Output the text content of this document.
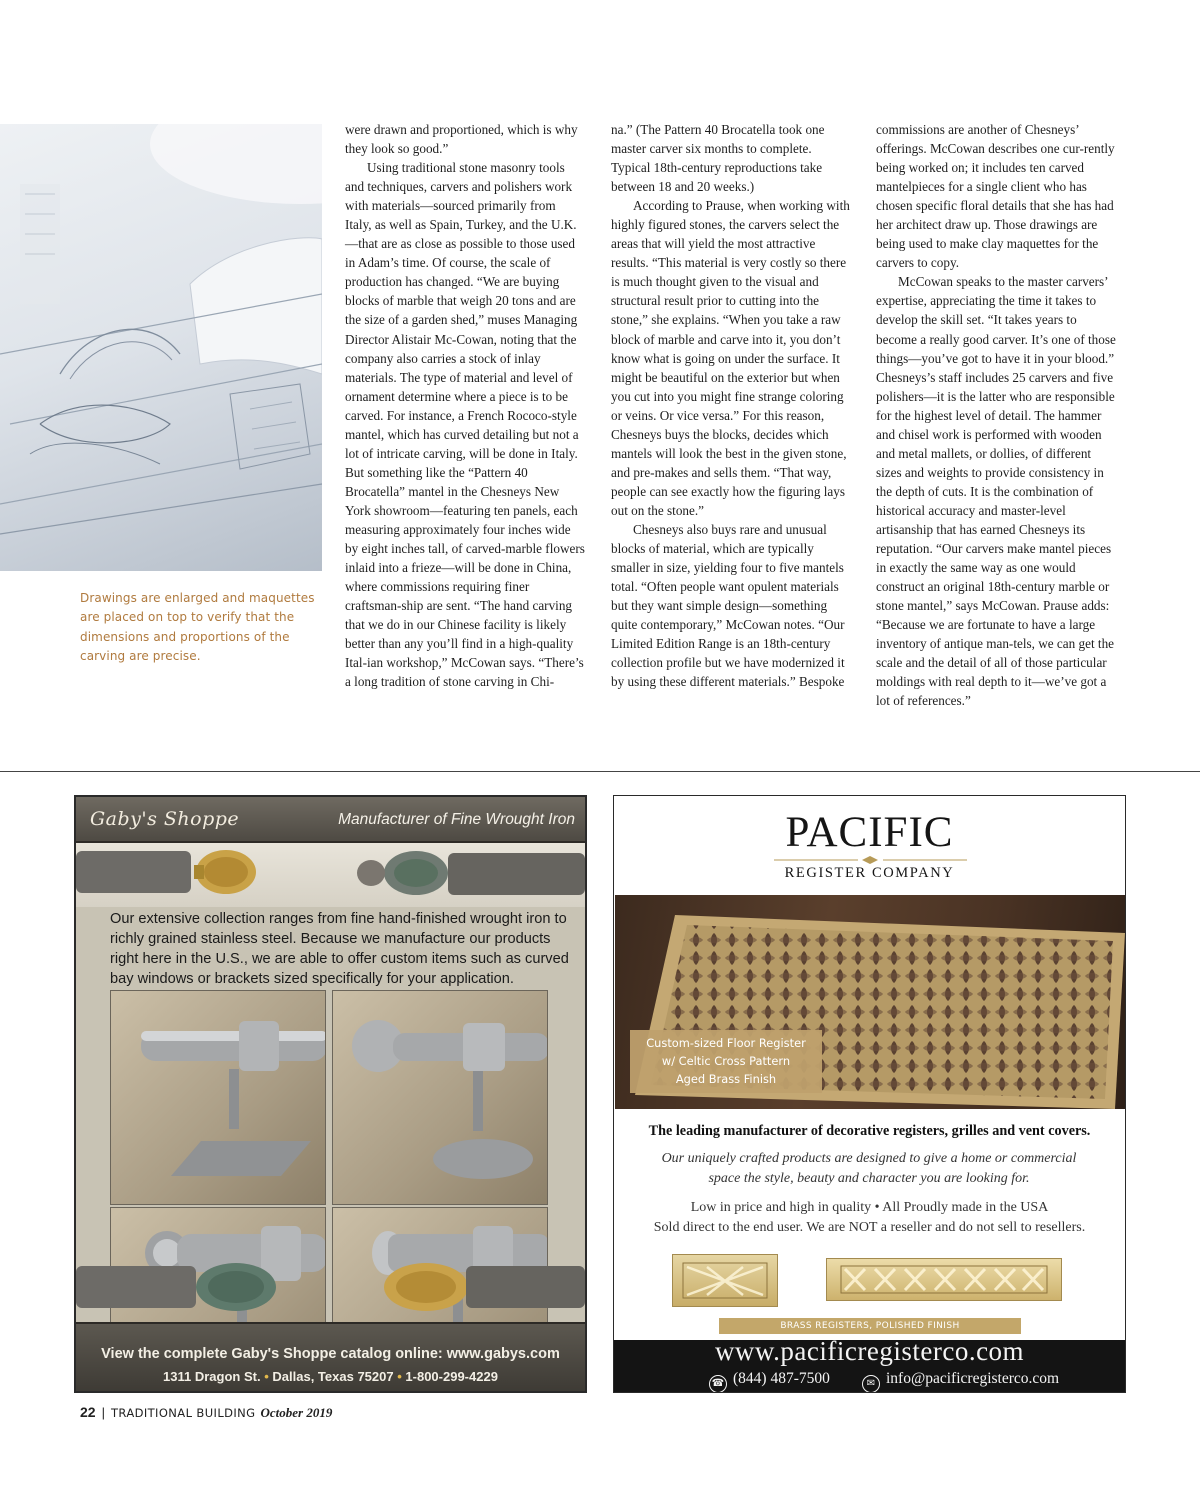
Drawings are enlarged and maquettes are placed on top to verify that the dimensions and proportions of the carving are precise.

were drawn and proportioned, which is why they look so good.”

Using traditional stone masonry tools and techniques, carvers and polishers work with materials—sourced primarily from Italy, as well as Spain, Turkey, and the U.K.—that are as close as possible to those used in Adam’s time. Of course, the scale of production has changed. “We are buying blocks of marble that weigh 20 tons and are the size of a garden shed,” muses Managing Director Alistair Mc-Cowan, noting that the company also carries a stock of inlay materials. The type of material and level of ornament determine where a piece is to be carved. For instance, a French Rococo-style mantel, which has curved detailing but not a lot of intricate carving, will be done in Italy. But something like the “Pattern 40 Brocatella” mantel in the Chesneys New York showroom—featuring ten panels, each measuring approximately four inches wide by eight inches tall, of carved-marble flowers inlaid into a frieze—will be done in China, where commissions requiring finer craftsman-ship are sent. “The hand carving that we do in our Chinese facility is likely better than any you’ll find in a high-quality Ital-ian workshop,” McCowan says. “There’s a long tradition of stone carving in Chi-

na.” (The Pattern 40 Brocatella took one master carver six months to complete. Typical 18th-century reproductions take between 18 and 20 weeks.)

According to Prause, when working with highly figured stones, the carvers select the areas that will yield the most attractive results. “This material is very costly so there is much thought given to the visual and structural result prior to cutting into the stone,” she explains. “When you take a raw block of marble and carve into it, you don’t know what is going on under the surface. It might be beautiful on the exterior but when you cut into you might fine strange coloring or veins. Or vice versa.” For this reason, Chesneys buys the blocks, decides which mantels will look the best in the given stone, and pre-makes and sells them. “That way, people can see exactly how the figuring lays out on the stone.”

Chesneys also buys rare and unusual blocks of material, which are typically smaller in size, yielding four to five mantels total. “Often people want opulent materials but they want simple design—something quite contemporary,” McCowan notes. “Our Limited Edition Range is an 18th-century collection profile but we have modernized it by using these different materials.” Bespoke

commissions are another of Chesneys’ offerings. McCowan describes one cur-rently being worked on; it includes ten carved mantelpieces for a single client who has chosen specific floral details that she has had her architect draw up. Those drawings are being used to make clay maquettes for the carvers to copy.

McCowan speaks to the master carvers’ expertise, appreciating the time it takes to develop the skill set. “It takes years to become a really good carver. It’s one of those things—you’ve got to have it in your blood.” Chesneys’s staff includes 25 carvers and five polishers—it is the latter who are responsible for the highest level of detail. The hammer and chisel work is performed with wooden and metal mallets, or dollies, of different sizes and weights to provide consistency in the depth of cuts. It is the combination of historical accuracy and master-level artisanship that has earned Chesneys its reputation. “Our carvers make mantel pieces in exactly the same way as one would construct an original 18th-century marble or stone mantel,” says McCowan. Prause adds: “Because we are fortunate to have a large inventory of antique man-tels, we can get the scale and the detail of all of those particular moldings with real depth to it—we’ve got a lot of references.”

Gaby's Shoppe	Manufacturer of Fine Wrought Iron
Our extensive collection ranges from fine hand-finished wrought iron to richly grained stainless steel. Because we manufacture our products right here in the U.S., we are able to offer custom items such as curved bay windows or brackets sized specifically for your application.
View the complete Gaby's Shoppe catalog online: www.gabys.com
1311 Dragon St. • Dallas, Texas 75207 • 1-800-299-4229
PACIFIC
REGISTER COMPANY
Custom-sized Floor Register
w/ Celtic Cross Pattern
Aged Brass Finish
The leading manufacturer of decorative registers, grilles and vent covers.
Our uniquely crafted products are designed to give a home or commercial space the style, beauty and character you are looking for.
Low in price and high in quality • All Proudly made in the USA
Sold direct to the end user. We are NOT a reseller and do not sell to resellers.
BRASS REGISTERS, POLISHED FINISH
www.pacificregisterco.com
☎ (844) 487-7500	✉ info@pacificregisterco.com
22 | TRADITIONAL BUILDING October 2019
